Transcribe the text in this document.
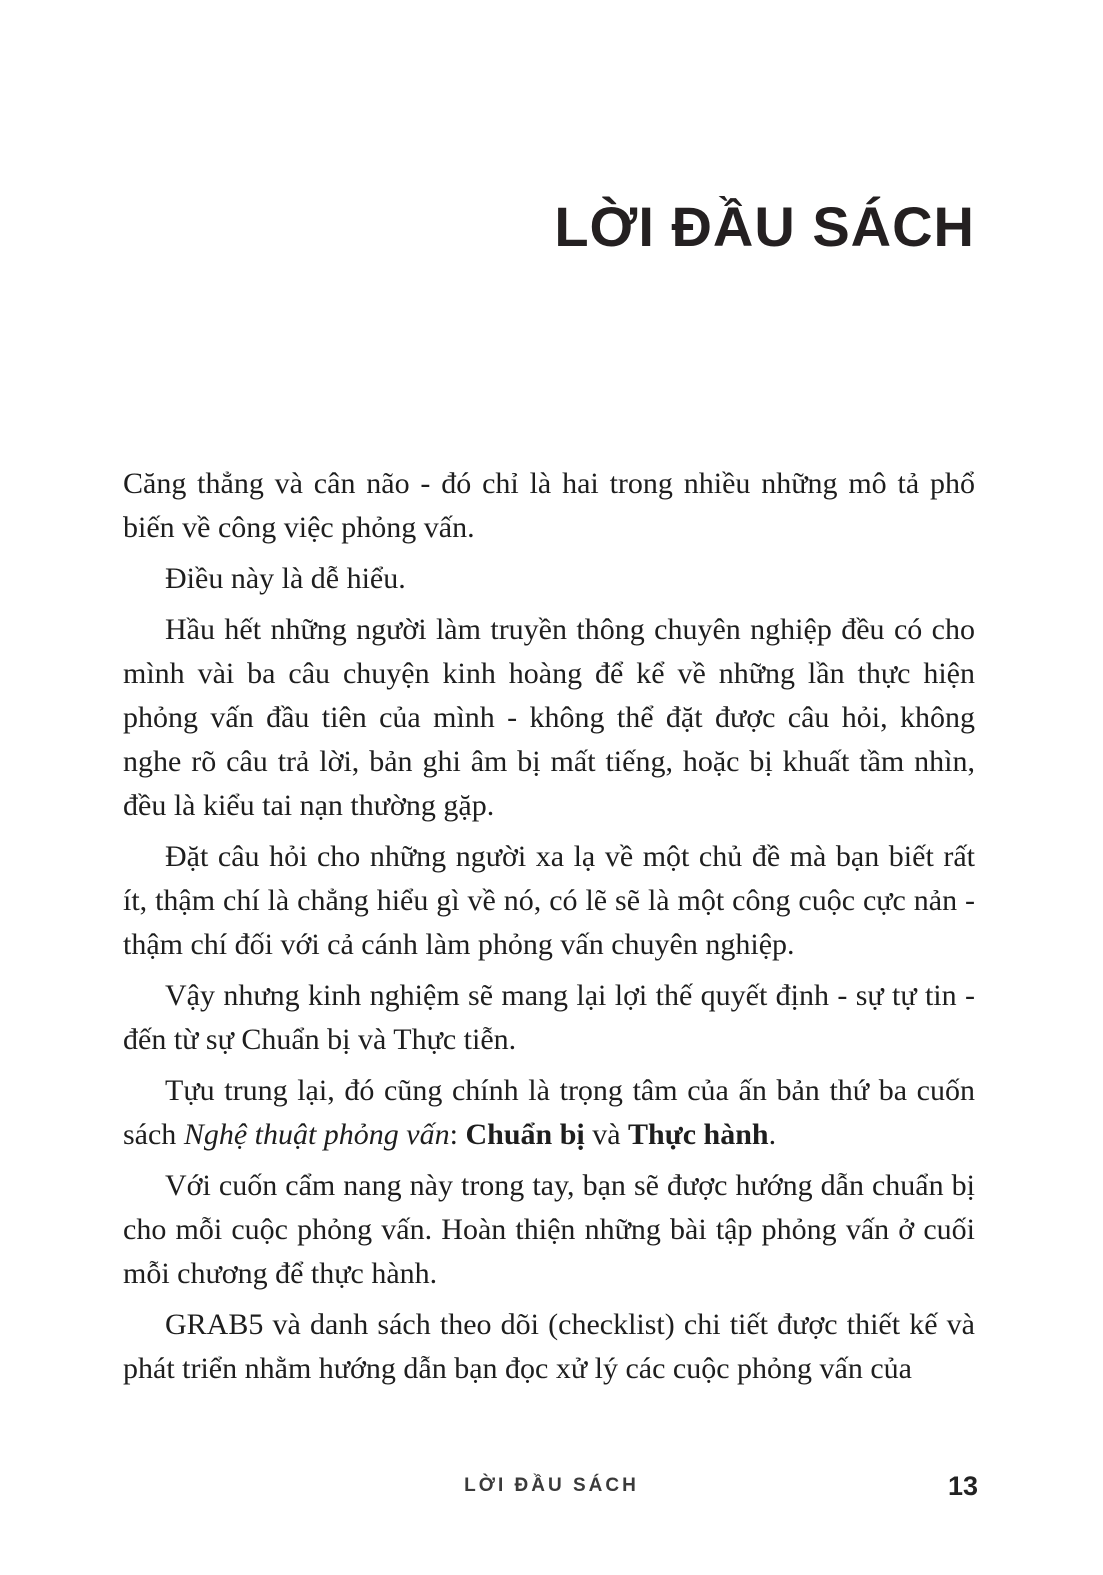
LỜI ĐẦU SÁCH

Căng thẳng và cân não - đó chỉ là hai trong nhiều những mô tả phổ biến về công việc phỏng vấn.

Điều này là dễ hiểu.

Hầu hết những người làm truyền thông chuyên nghiệp đều có cho mình vài ba câu chuyện kinh hoàng để kể về những lần thực hiện phỏng vấn đầu tiên của mình - không thể đặt được câu hỏi, không nghe rõ câu trả lời, bản ghi âm bị mất tiếng, hoặc bị khuất tầm nhìn, đều là kiểu tai nạn thường gặp.

Đặt câu hỏi cho những người xa lạ về một chủ đề mà bạn biết rất ít, thậm chí là chẳng hiểu gì về nó, có lẽ sẽ là một công cuộc cực nản - thậm chí đối với cả cánh làm phỏng vấn chuyên nghiệp.

Vậy nhưng kinh nghiệm sẽ mang lại lợi thế quyết định - sự tự tin - đến từ sự Chuẩn bị và Thực tiễn.

Tựu trung lại, đó cũng chính là trọng tâm của ấn bản thứ ba cuốn sách Nghệ thuật phỏng vấn: Chuẩn bị và Thực hành.

Với cuốn cẩm nang này trong tay, bạn sẽ được hướng dẫn chuẩn bị cho mỗi cuộc phỏng vấn. Hoàn thiện những bài tập phỏng vấn ở cuối mỗi chương để thực hành.

GRAB5 và danh sách theo dõi (checklist) chi tiết được thiết kế và phát triển nhằm hướng dẫn bạn đọc xử lý các cuộc phỏng vấn của

LỜI ĐẦU SÁCH	13
